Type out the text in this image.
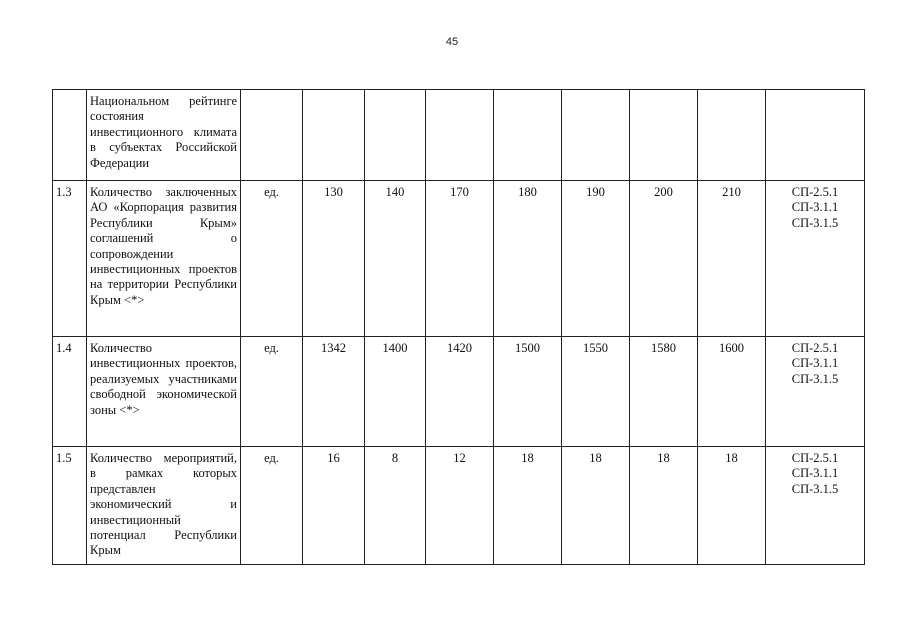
45
	Национальном рейтинге состояния инвестиционного климата в субъектах Российской Федерации									
1.3	Количество заключенных АО «Корпорация развития Республики Крым» соглашений о сопровождении инвестиционных проектов на территории Республики Крым <*>	ед.	130	140	170	180	190	200	210	СП-2.5.1
СП-3.1.1
СП-3.1.5

1.4	Количество инвестиционных проектов, реализуемых участниками свободной экономической зоны <*>	ед.	1342	1400	1420	1500	1550	1580	1600	СП-2.5.1
СП-3.1.1
СП-3.1.5

1.5	Количество мероприятий, в рамках которых представлен экономический и инвестиционный потенциал Республики Крым	ед.	16	8	12	18	18	18	18	СП-2.5.1
СП-3.1.1
СП-3.1.5
